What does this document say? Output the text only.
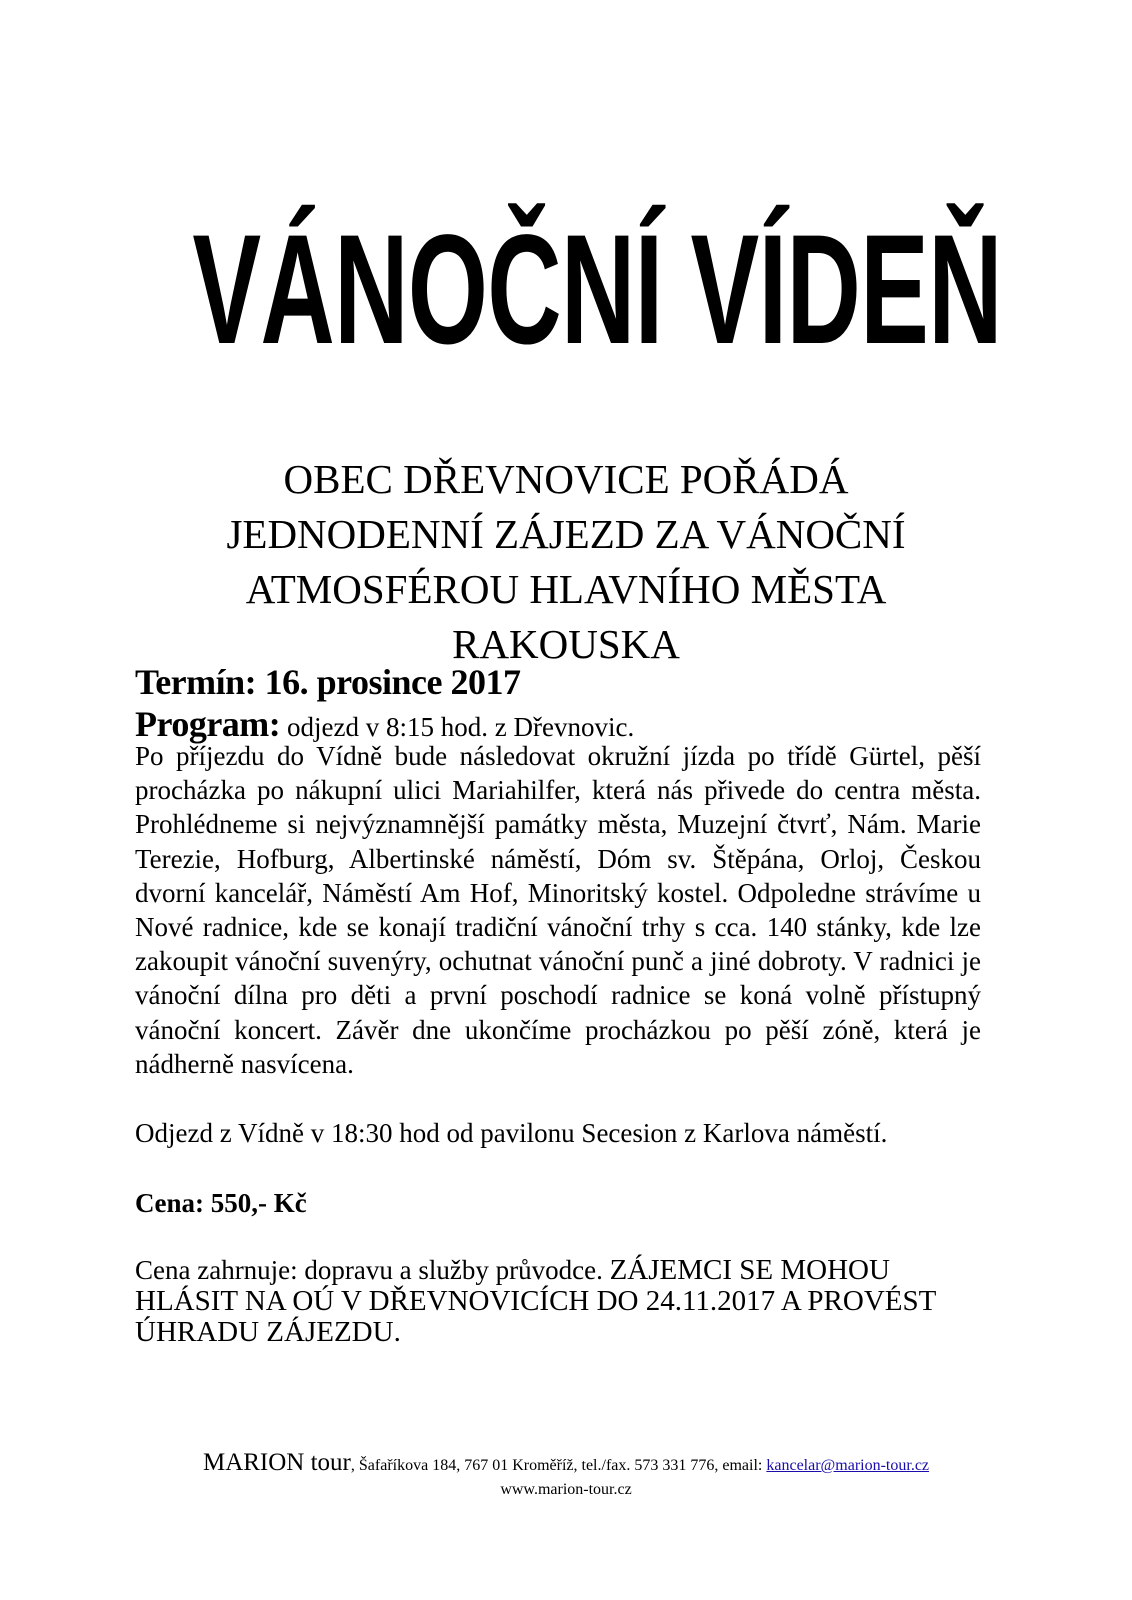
VÁNOČNÍ VÍDEŇ
OBEC DŘEVNOVICE POŘÁDÁ
JEDNODENNÍ ZÁJEZD ZA VÁNOČNÍ
ATMOSFÉROU HLAVNÍHO MĚSTA
RAKOUSKA

Termín: 16. prosince 2017

Program: odjezd v 8:15 hod. z Dřevnovic.

Po příjezdu do Vídně bude následovat okružní jízda po třídě Gürtel, pěší procházka po nákupní ulici Mariahilfer, která nás přivede do centra města. Prohlédneme si nejvýznamnější památky města, Muzejní čtvrť, Nám. Marie Terezie, Hofburg, Albertinské náměstí, Dóm sv. Štěpána, Orloj, Českou dvorní kancelář, Náměstí Am Hof, Minoritský kostel. Odpoledne strávíme u Nové radnice, kde se konají tradiční vánoční trhy s cca. 140 stánky, kde lze zakoupit vánoční suvenýry, ochutnat vánoční punč a jiné dobroty. V radnici je vánoční dílna pro děti a první poschodí radnice se koná volně přístupný vánoční koncert. Závěr dne ukončíme procházkou po pěší zóně, která je nádherně nasvícena.

Odjezd z Vídně v 18:30 hod od pavilonu Secesion z Karlova náměstí.

Cena: 550,- Kč

Cena zahrnuje: dopravu a služby průvodce. ZÁJEMCI SE MOHOU HLÁSIT NA OÚ V DŘEVNOVICÍCH DO 24.11.2017 A PROVÉST ÚHRADU ZÁJEZDU.

MARION tour, Šafaříkova 184, 767 01 Kroměříž, tel./fax. 573 331 776, email: kancelar@marion-tour.cz
www.marion-tour.cz
